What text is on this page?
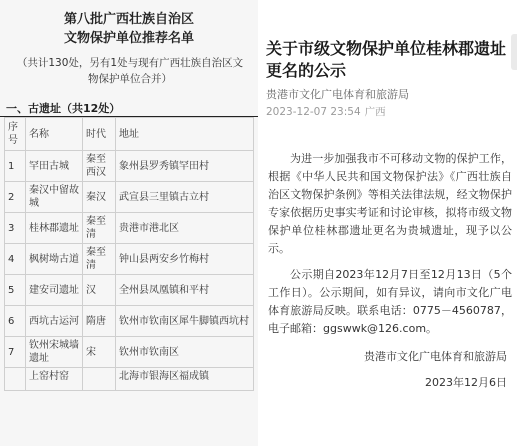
第八批广西壮族自治区
文物保护单位推荐名单
（共计130处，另有1处与现有广西壮族自治区文物保护单位合并）
一、古遗址（共12处）
序号	名称	时代	地址
1	罕田古城	秦至西汉	象州县罗秀镇罕田村
2	秦汉中留故城	秦汉	武宣县三里镇古立村
3	桂林郡遗址	秦至清	贵港市港北区
4	枫树坳古道	秦至清	钟山县两安乡竹梅村
5	建安司遗址	汉	全州县凤凰镇和平村
6	西坑古运河	隋唐	钦州市钦南区犀牛脚镇西坑村
7	钦州宋城墙遗址	宋	钦州市钦南区
	上窑村窑		北海市银海区福成镇
关于市级文物保护单位桂林郡遗址更名的公示
贵港市文化广电体育和旅游局
2023-12-07 23:54 广西
为进一步加强我市不可移动文物的保护工作，根据《中华人民共和国文物保护法》《广西壮族自治区文物保护条例》等相关法律法规，经文物保护专家依据历史事实考证和讨论审核，拟将市级文物保护单位桂林郡遗址更名为贵城遗址，现予以公示。
公示期自2023年12月7日至12月13日（5个工作日）。公示期间，如有异议，请向市文化广电体育旅游局反映。联系电话：0775－4560787，电子邮箱：ggswwk@126.com。
贵港市文化广电体育和旅游局
2023年12月6日
